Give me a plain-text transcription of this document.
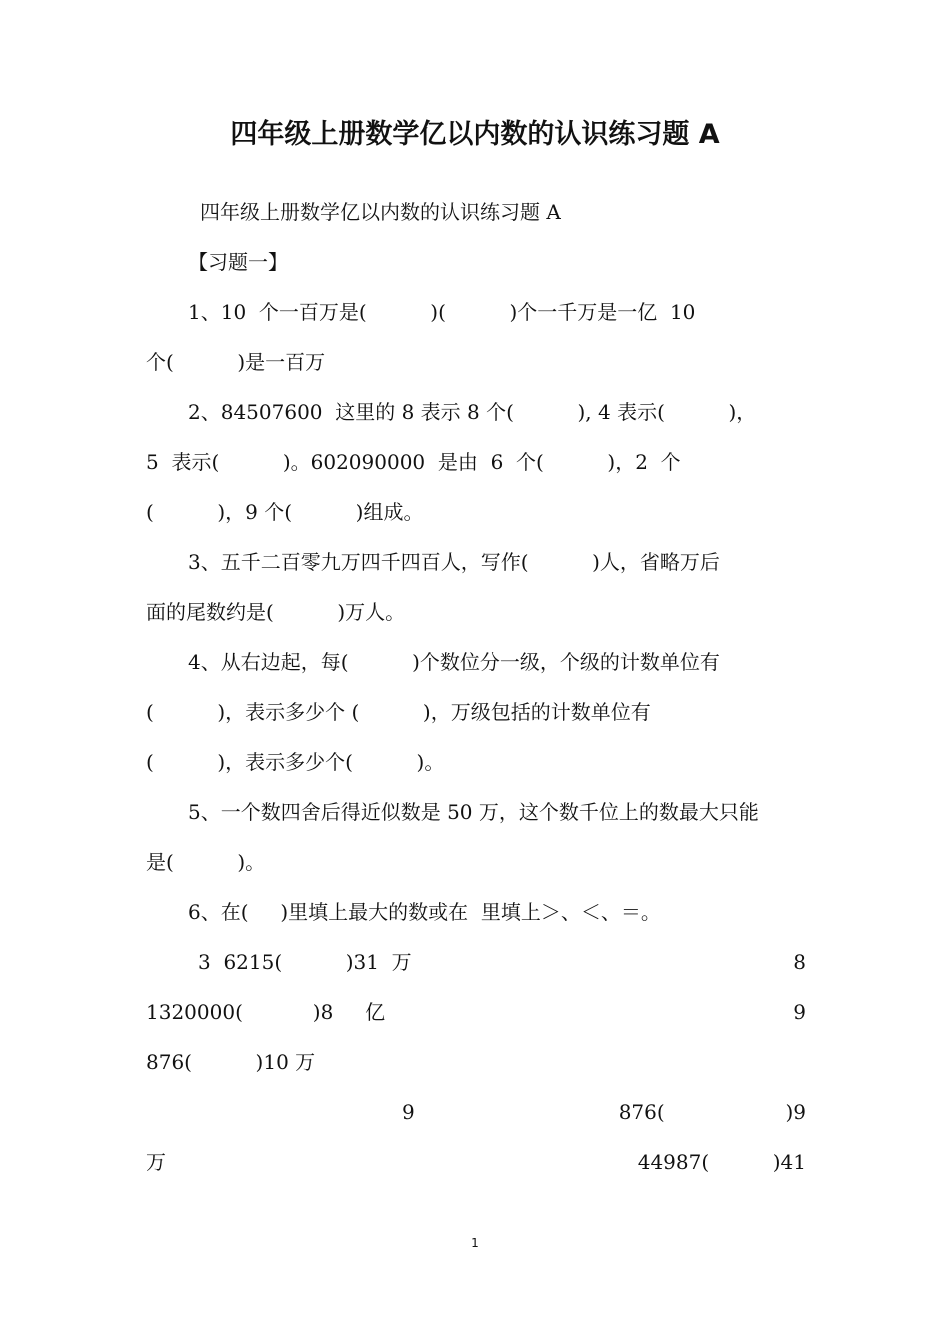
四年级上册数学亿以内数的认识练习题 A
四年级上册数学亿以内数的认识练习题 A
【习题一】
1、10  个一百万是(          )(          )个一千万是一亿  10
个(          )是一百万
2、84507600  这里的 8 表示 8 个(          ), 4 表示(          )，
5  表示(          )。602090000  是由  6  个(          )，2  个
(          )，9 个(          )组成。
3、五千二百零九万四千四百人，写作(          )人，省略万后
面的尾数约是(          )万人。
4、从右边起，每(          )个数位分一级，个级的计数单位有
(          )，表示多少个 (          )，万级包括的计数单位有
(          )，表示多少个(          )。
5、一个数四舍后得近似数是 50 万，这个数千位上的数最大只能
是(          )。
6、在(     )里填上最大的数或在  里填上＞、＜、＝。
3  6215(          )31  万	8
1320000(           )8     亿	9
876(          )10 万
9	876(                   )9
万	44987(          )41
1
